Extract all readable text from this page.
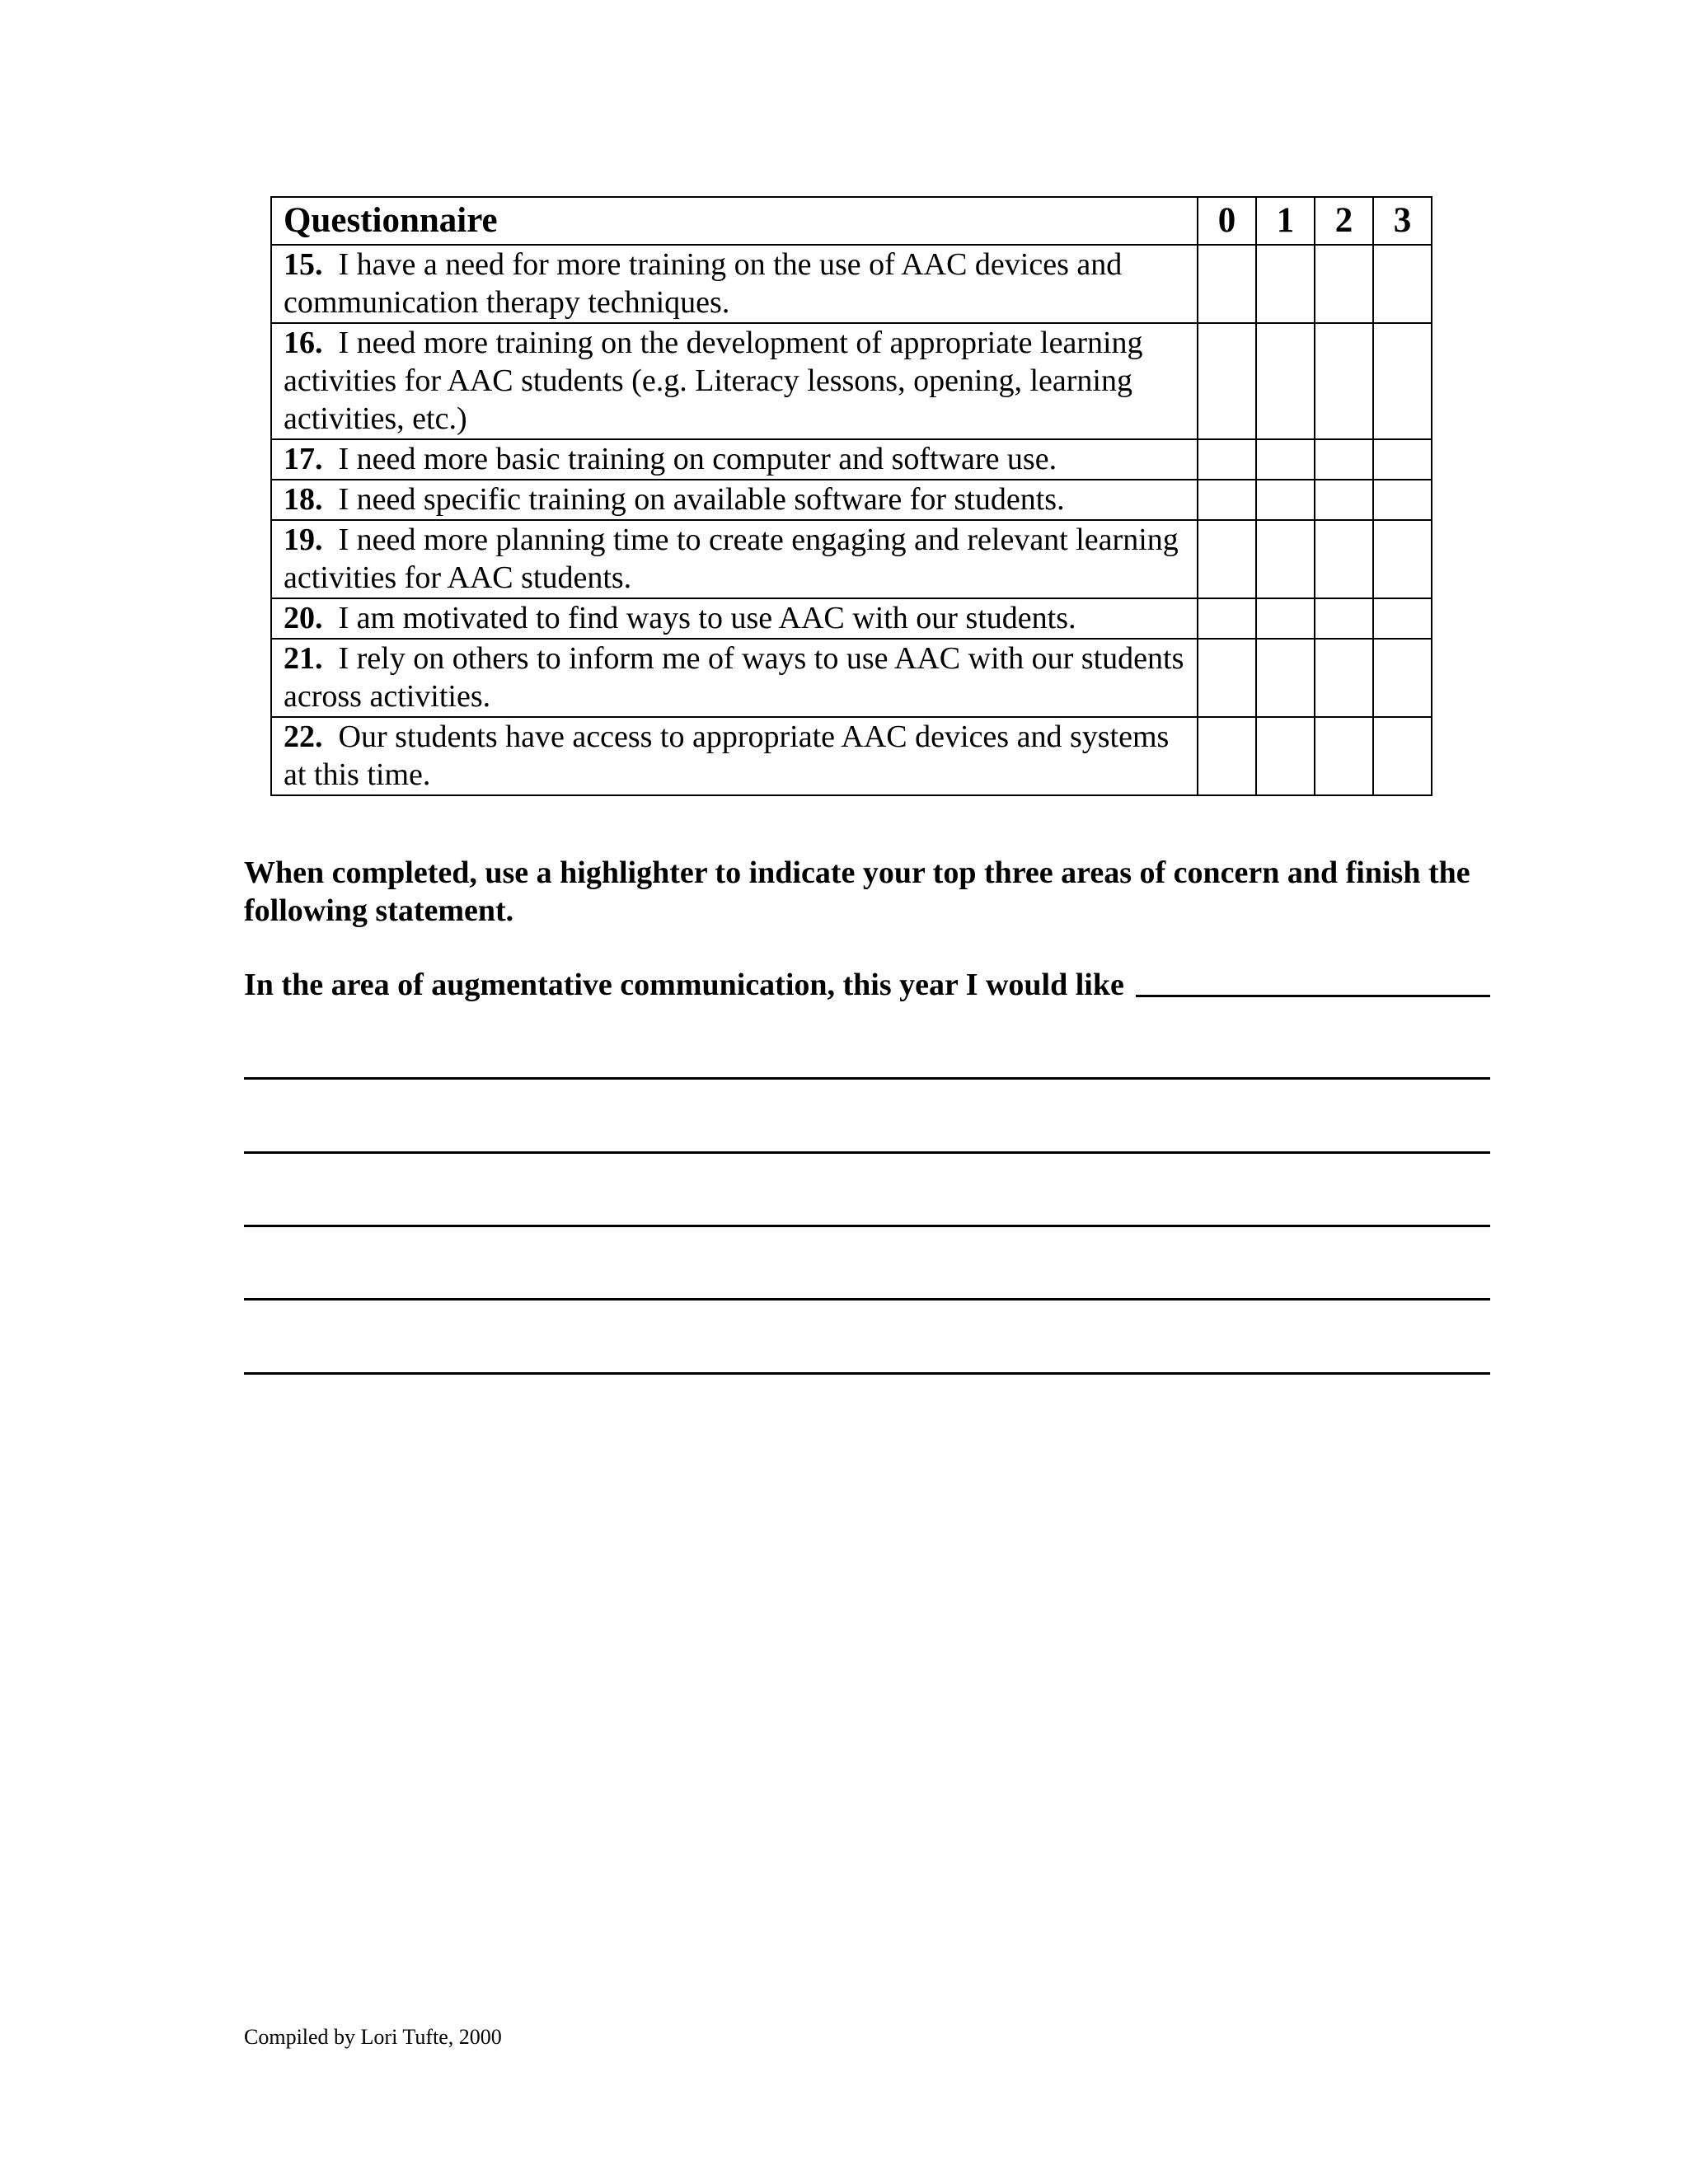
Questionnaire	0	1	2	3
15. I have a need for more training on the use of AAC devices and communication therapy techniques.				
16. I need more training on the development of appropriate learning activities for AAC students (e.g. Literacy lessons, opening, learning activities, etc.)				
17. I need more basic training on computer and software use.				
18. I need specific training on available software for students.				
19. I need more planning time to create engaging and relevant learning activities for AAC students.				
20. I am motivated to find ways to use AAC with our students.				
21. I rely on others to inform me of ways to use AAC with our students across activities.				
22. Our students have access to appropriate AAC devices and systems at this time.				

When completed, use a highlighter to indicate your top three areas of concern and finish the following statement.

In the area of augmentative communication, this year I would like
Compiled by Lori Tufte, 2000
